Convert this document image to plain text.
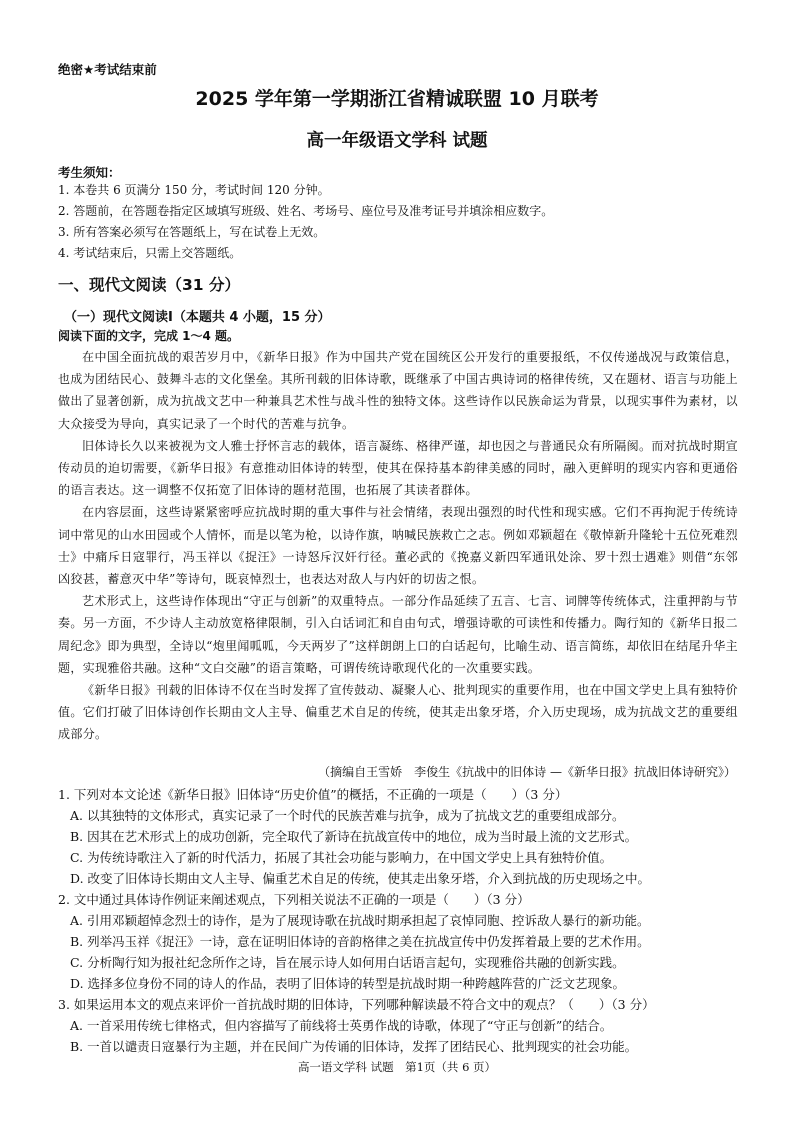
绝密★考试结束前
2025 学年第一学期浙江省精诚联盟 10 月联考
高一年级语文学科 试题
考生须知：
1. 本卷共 6 页满分 150 分，考试时间 120 分钟。
2. 答题前，在答题卷指定区域填写班级、姓名、考场号、座位号及准考证号并填涂相应数字。
3. 所有答案必须写在答题纸上，写在试卷上无效。
4. 考试结束后，只需上交答题纸。
一、现代文阅读（31 分）
（一）现代文阅读Ⅰ（本题共 4 小题，15 分）
阅读下面的文字，完成 1～4 题。

在中国全面抗战的艰苦岁月中，《新华日报》作为中国共产党在国统区公开发行的重要报纸，不仅传递战况与政策信息，也成为团结民心、鼓舞斗志的文化堡垒。其所刊载的旧体诗歌，既继承了中国古典诗词的格律传统，又在题材、语言与功能上做出了显著创新，成为抗战文艺中一种兼具艺术性与战斗性的独特文体。这些诗作以民族命运为背景，以现实事件为素材，以大众接受为导向，真实记录了一个时代的苦难与抗争。

旧体诗长久以来被视为文人雅士抒怀言志的载体，语言凝练、格律严谨，却也因之与普通民众有所隔阂。而对抗战时期宣传动员的迫切需要，《新华日报》有意推动旧体诗的转型，使其在保持基本韵律美感的同时，融入更鲜明的现实内容和更通俗的语言表达。这一调整不仅拓宽了旧体诗的题材范围，也拓展了其读者群体。

在内容层面，这些诗紧紧密呼应抗战时期的重大事件与社会情绪，表现出强烈的时代性和现实感。它们不再拘泥于传统诗词中常见的山水田园或个人情怀，而是以笔为枪，以诗作旗，呐喊民族救亡之志。例如邓颖超在《敬悼新升隆轮十五位死难烈士》中痛斥日寇罪行，冯玉祥以《捉汪》一诗怒斥汉奸行径。董必武的《挽嘉义新四军通讯处涂、罗十烈士遇难》则借“东邻凶狡甚，蓄意灭中华”等诗句，既哀悼烈士，也表达对敌人与内奸的切齿之恨。

艺术形式上，这些诗作体现出“守正与创新”的双重特点。一部分作品延续了五言、七言、词牌等传统体式，注重押韵与节奏。另一方面，不少诗人主动放宽格律限制，引入白话词汇和自由句式，增强诗歌的可读性和传播力。陶行知的《新华日报二周纪念》即为典型，全诗以“炮里闻呱呱，今天两岁了”这样朗朗上口的白话起句，比喻生动、语言简练，却依旧在结尾升华主题，实现雅俗共融。这种“文白交融”的语言策略，可谓传统诗歌现代化的一次重要实践。

《新华日报》刊载的旧体诗不仅在当时发挥了宣传鼓动、凝聚人心、批判现实的重要作用，也在中国文学史上具有独特价值。它们打破了旧体诗创作长期由文人主导、偏重艺术自足的传统，使其走出象牙塔，介入历史现场，成为抗战文艺的重要组成部分。

（摘编自王雪娇　李俊生《抗战中的旧体诗 —《新华日报》抗战旧体诗研究》）
1. 下列对本文论述《新华日报》旧体诗“历史价值”的概括，不正确的一项是（　　）（3 分）
A. 以其独特的文体形式，真实记录了一个时代的民族苦难与抗争，成为了抗战文艺的重要组成部分。
B. 因其在艺术形式上的成功创新，完全取代了新诗在抗战宣传中的地位，成为当时最上流的文艺形式。
C. 为传统诗歌注入了新的时代活力，拓展了其社会功能与影响力，在中国文学史上具有独特价值。
D. 改变了旧体诗长期由文人主导、偏重艺术自足的传统，使其走出象牙塔，介入到抗战的历史现场之中。
2. 文中通过具体诗作例证来阐述观点，下列相关说法不正确的一项是（　　）（3 分）
A. 引用邓颖超悼念烈士的诗作，是为了展现诗歌在抗战时期承担起了哀悼同胞、控诉敌人暴行的新功能。
B. 列举冯玉祥《捉汪》一诗，意在证明旧体诗的音韵格律之美在抗战宣传中仍发挥着最上要的艺术作用。
C. 分析陶行知为报社纪念所作之诗，旨在展示诗人如何用白话语言起句，实现雅俗共融的创新实践。
D. 选择多位身份不同的诗人的作品，表明了旧体诗的转型是抗战时期一种跨越阵营的广泛文艺现象。
3. 如果运用本文的观点来评价一首抗战时期的旧体诗，下列哪种解读最不符合文中的观点？（　　）（3 分）
A. 一首采用传统七律格式，但内容描写了前线将士英勇作战的诗歌，体现了“守正与创新”的结合。
B. 一首以谴责日寇暴行为主题，并在民间广为传诵的旧体诗，发挥了团结民心、批判现实的社会功能。
高一语文学科 试题　第1页（共 6 页）
